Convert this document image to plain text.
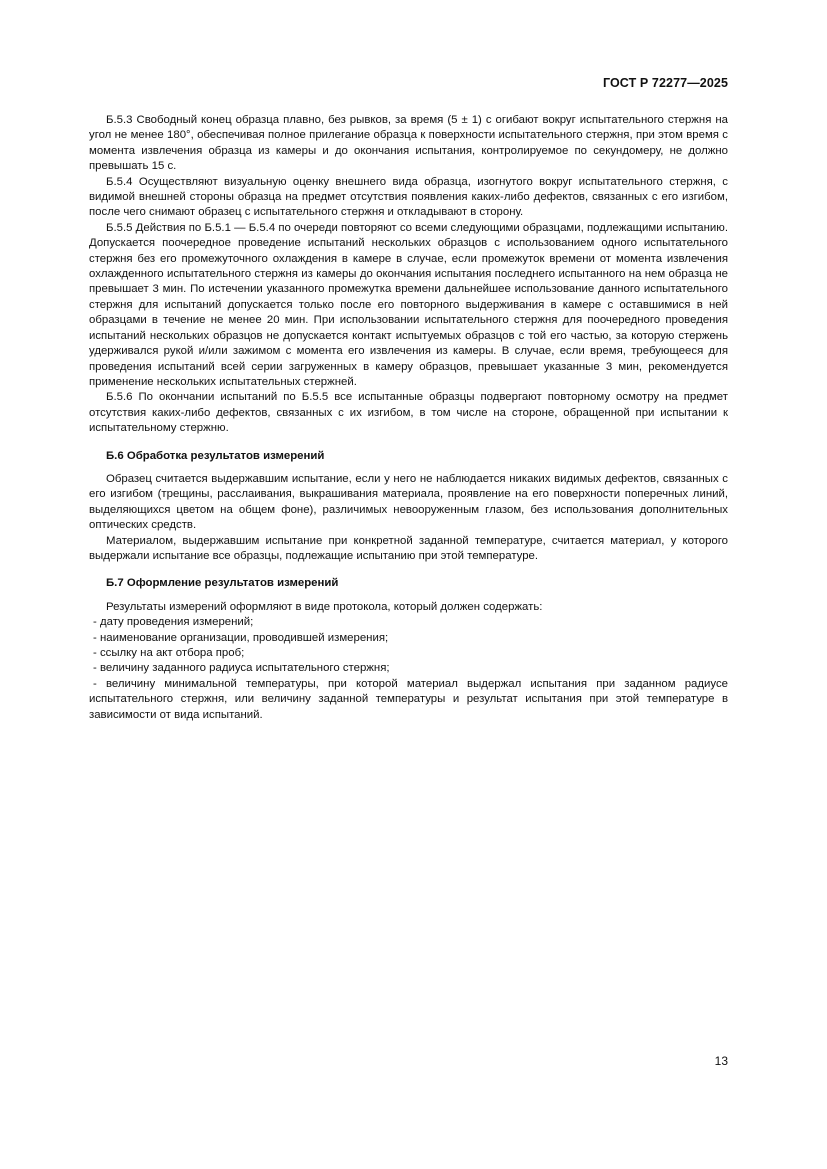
ГОСТ Р 72277—2025

Б.5.3 Свободный конец образца плавно, без рывков, за время (5 ± 1) с огибают вокруг испытательного стержня на угол не менее 180°, обеспечивая полное прилегание образца к поверхности испытательного стержня, при этом время с момента извлечения образца из камеры и до окончания испытания, контролируемое по секундомеру, не должно превышать 15 с.

Б.5.4 Осуществляют визуальную оценку внешнего вида образца, изогнутого вокруг испытательного стержня, с видимой внешней стороны образца на предмет отсутствия появления каких-либо дефектов, связанных с его изгибом, после чего снимают образец с испытательного стержня и откладывают в сторону.

Б.5.5 Действия по Б.5.1 — Б.5.4 по очереди повторяют со всеми следующими образцами, подлежащими испытанию. Допускается поочередное проведение испытаний нескольких образцов с использованием одного испытательного стержня без его промежуточного охлаждения в камере в случае, если промежуток времени от момента извлечения охлажденного испытательного стержня из камеры до окончания испытания последнего испытанного на нем образца не превышает 3 мин. По истечении указанного промежутка времени дальнейшее использование данного испытательного стержня для испытаний допускается только после его повторного выдерживания в камере с оставшимися в ней образцами в течение не менее 20 мин. При использовании испытательного стержня для поочередного проведения испытаний нескольких образцов не допускается контакт испытуемых образцов с той его частью, за которую стержень удерживался рукой и/или зажимом с момента его извлечения из камеры. В случае, если время, требующееся для проведения испытаний всей серии загруженных в камеру образцов, превышает указанные 3 мин, рекомендуется применение нескольких испытательных стержней.

Б.5.6 По окончании испытаний по Б.5.5 все испытанные образцы подвергают повторному осмотру на предмет отсутствия каких-либо дефектов, связанных с их изгибом, в том числе на стороне, обращенной при испытании к испытательному стержню.

Б.6 Обработка результатов измерений

Образец считается выдержавшим испытание, если у него не наблюдается никаких видимых дефектов, связанных с его изгибом (трещины, расслаивания, выкрашивания материала, проявление на его поверхности поперечных линий, выделяющихся цветом на общем фоне), различимых невооруженным глазом, без использования дополнительных оптических средств.

Материалом, выдержавшим испытание при конкретной заданной температуре, считается материал, у которого выдержали испытание все образцы, подлежащие испытанию при этой температуре.

Б.7 Оформление результатов измерений

Результаты измерений оформляют в виде протокола, который должен содержать:

- дату проведения измерений;

- наименование организации, проводившей измерения;

- ссылку на акт отбора проб;

- величину заданного радиуса испытательного стержня;

- величину минимальной температуры, при которой материал выдержал испытания при заданном радиусе испытательного стержня, или величину заданной температуры и результат испытания при этой температуре в зависимости от вида испытаний.

13
